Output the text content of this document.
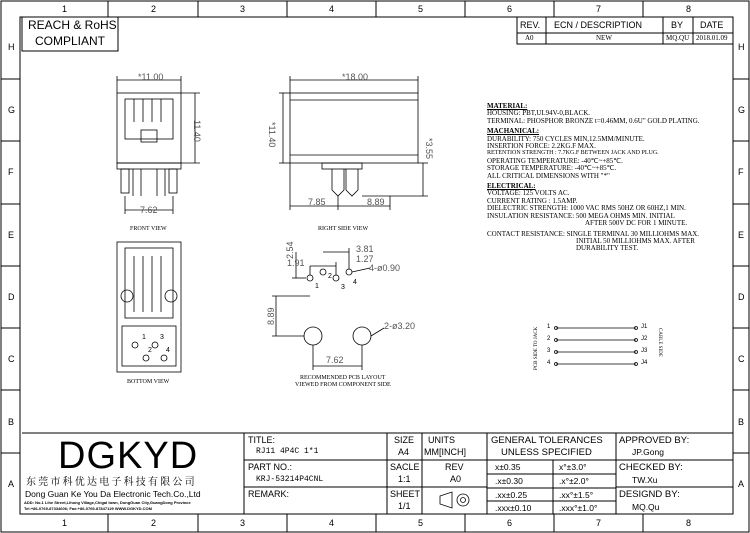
1	2	3	4	5	6	7	8
1	2	3	4	5	6	7	8
H
G
F
E
D
C
B
A
H
G
F
E
D
C
B
A
REACH & RoHS
COMPLIANT
REV. ECN / DESCRIPTION	BY DATE
A0	NEW	MQ.QU 2018.01.09
*11.00
11.40
7.62
FRONT VIEW
*18.00
*11.40	*3.55
7.85	8.89
RIGHT SIDE VIEW
1
2
3
4
BOTTOM VIEW
3.81
2.54
1.91	1.27
4-ø0.90
8.89
2-ø3.20
7.62
1
2
3
4
RECOMMENDED PCB LAYOUT
VIEWED FROM COMPONENT SIDE
MATERIAL:
HOUSING: PBT,UL94V-0,BLACK.
TERMINAL: PHOSPHOR BRONZE t=0.46MM, 0.6U" GOLD PLATING.
MACHANICAL:
DURABILITY: 750 CYCLES MIN,12.5MM/MINUTE.
INSERTION FORCE: 2.2KG.F MAX.
RETENTION STRENGTH : 7.7KG.F BETWEEN JACK AND PLUG.
OPERATING TEMPERATURE: -40℃~+85℃.
STORAGE TEMPERATURE: -40℃~+85℃.
ALL CRITICAL DIMENSIONS WITH "*"
ELECTRICAL:
VOLTAGE: 125 VOLTS AC.
CURRENT RATING : 1.5AMP.
DIELECTRIC STRENGTH: 1000 VAC RMS 50HZ OR 60HZ,1 MIN.
INSULATION RESISTANCE: 500 MEGA OHMS MIN. INITIAL
AFTER 500V DC FOR 1 MINUTE.
CONTACT RESISTANCE: SINGLE TERMINAL 30 MILLIOHMS MAX.
INITIAL 50 MILLIOHMS MAX. AFTER
DURABILITY TEST.
PCB SIDE TO JACK 1
2
3
4
J1
J2
J3
J4
CABLE SIDE
DGKYD
东莞市科优达电子科技有限公司
Dong Guan Ke You Da Electronic Tech.Co.,Ltd
ADD: No.1 Lihe Street,Lihong Village,Chigal town, DongGuan City,GuangDong Province
Tel:+86-0769-87334606; Fax:+86-0769-87847129 WWW.DGKYD.COM
TITLE:
RJ11 4P4C 1*1
PART NO.:
KRJ-53214P4CNL
REMARK:
SIZE
A4
UNITS
MM[INCH]
SACLE
1:1
REV
A0
SHEET
1/1
GENERAL TOLERANCES
UNLESS SPECIFIED
x±0.35	x°±3.0°
.x±0.30	.x°±2.0°
.xx±0.25	.xx°±1.5°
.xxx±0.10	.xxx°±1.0°
APPROVED BY:
JP.Gong
CHECKED BY:
TW.Xu
DESIGND BY:
MQ.Qu
